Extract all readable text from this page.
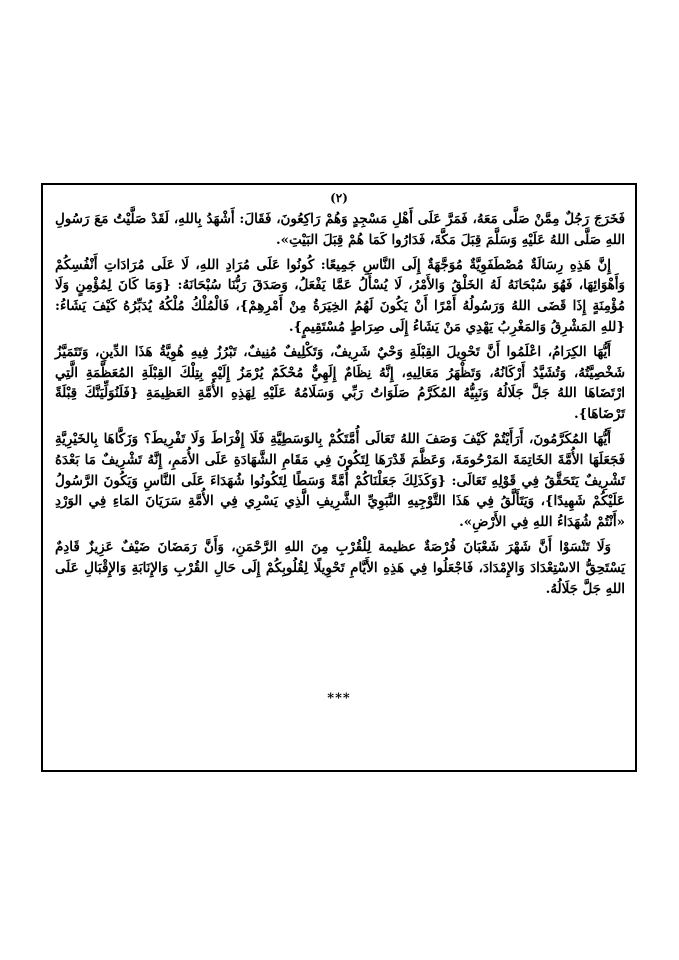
(٢)

فَخَرَجَ رَجُلٌ مِمَّنْ صَلَّى مَعَهُ، فَمَرَّ عَلَى أَهْلِ مَسْجِدٍ وَهُمْ رَاكِعُونَ، فَقَالَ: أَشْهَدُ بِاللهِ، لَقَدْ صَلَّيْتُ مَعَ رَسُولِ اللهِ صَلَّى اللهُ عَلَيْهِ وَسَلَّمَ قِبَلَ مَكَّةَ، فَدَارُوا كَمَا هُمْ قِبَلَ البَيْتِ».

إِنَّ هَذِهِ رِسَالَةٌ مُصْطَفَوِيَّةٌ مُوَجَّهَةٌ إِلَى النَّاسِ جَمِيعًا: كُونُوا عَلَى مُرَادِ اللهِ، لَا عَلَى مُرَادَاتِ أَنْفُسِكُمْ وَأَهْوَائِهَا، فَهُوَ سُبْحَانَهُ لَهُ الخَلْقُ وَالأَمْرُ، لَا يُسْأَلُ عَمَّا يَفْعَلُ، وَصَدَقَ رَبُّنَا سُبْحَانَهُ: {وَمَا كَانَ لِمُؤْمِنٍ وَلَا مُؤْمِنَةٍ إِذَا قَضَى اللهُ وَرَسُولُهُ أَمْرًا أَنْ يَكُونَ لَهُمُ الخِيَرَةُ مِنْ أَمْرِهِمْ}، فَالْمُلْكُ مُلْكُهُ يُدَبِّرُهُ كَيْفَ يَشَاءُ: {للهِ المَشْرِقُ وَالمَغْرِبُ يَهْدِي مَنْ يَشَاءُ إِلَى صِرَاطٍ مُسْتَقِيمٍ}.

أَيُّهَا الكِرَامُ، اعْلَمُوا أَنَّ تَحْوِيلَ القِبْلَةِ وَحْيٌ شَرِيفٌ، وَتَكْلِيفٌ مُنِيفٌ، تَبْرُزُ فِيهِ هُوِيَّةُ هَذَا الدِّينِ، وَتَتَمَيَّزُ شَخْصِيَّتُهُ، وَتُشَيَّدُ أَرْكَانُهُ، وَتَظْهَرُ مَعَالِيهِ، إِنَّهُ نِظَامٌ إِلَهِيٌّ مُحْكَمٌ يُرْمَزُ إِلَيْهِ بِتِلْكَ القِبْلَةِ المُعَظَّمَةِ الَّتِي ارْتَضَاهَا اللهُ جَلَّ جَلَالُهُ وَنَبِيُّهُ المُكَرَّمُ صَلَوَاتُ رَبِّي وَسَلَامُهُ عَلَيْهِ لِهَذِهِ الأُمَّةِ العَظِيمَةِ {فَلَنُوَلِّيَنَّكَ قِبْلَةً تَرْضَاهَا}.

أَيُّهَا المُكَرَّمُونَ، أَرَأَيْتُمْ كَيْفَ وَصَفَ اللهُ تَعَالَى أُمَّتَكُمْ بِالوَسَطِيَّةِ فَلَا إِفْرَاطَ وَلَا تَفْرِيطَ؟ وَزَكَّاهَا بِالخَيْرِيَّةِ فَجَعَلَهَا الأُمَّةَ الخَاتِمَةَ المَرْحُومَةَ، وَعَظَّمَ قَدْرَهَا لِتَكُونَ فِي مَقَامِ الشَّهَادَةِ عَلَى الأُمَمِ، إِنَّهُ تَشْرِيفٌ مَا بَعْدَهُ تَشْرِيفٌ يَتَحَقَّقُ فِي قَوْلِهِ تَعَالَى: {وَكَذَلِكَ جَعَلْنَاكُمْ أُمَّةً وَسَطًا لِتَكُونُوا شُهَدَاءَ عَلَى النَّاسِ وَيَكُونَ الرَّسُولُ عَلَيْكُمْ شَهِيدًا}، وَيَتَأَلَّقُ فِي هَذَا التَّوْجِيهِ النَّبَوِيِّ الشَّرِيفِ الَّذِي يَسْرِي فِي الأُمَّةِ سَرَيَانَ المَاءِ فِي الوَرْدِ «أَنْتُمْ شُهَدَاءُ اللهِ فِي الأَرْضِ».

وَلَا تَنْسَوْا أَنَّ شَهْرَ شَعْبَانَ فُرْصَةٌ عظيمة لِلْقُرْبِ مِنَ اللهِ الرَّحْمَنِ، وَأَنَّ رَمَضَانَ ضَيْفٌ عَزِيزٌ قَادِمٌ يَسْتَحِقُّ الاسْتِعْدَادَ وَالإِمْدَادَ، فَاجْعَلُوا فِي هَذِهِ الأَيَّامِ تَحْوِيلًا لِقُلُوبِكُمْ إِلَى حَالِ القُرْبِ وَالإِنَابَةِ وَالإِقْبَالِ عَلَى اللهِ جَلَّ جَلَالُهُ.

***
